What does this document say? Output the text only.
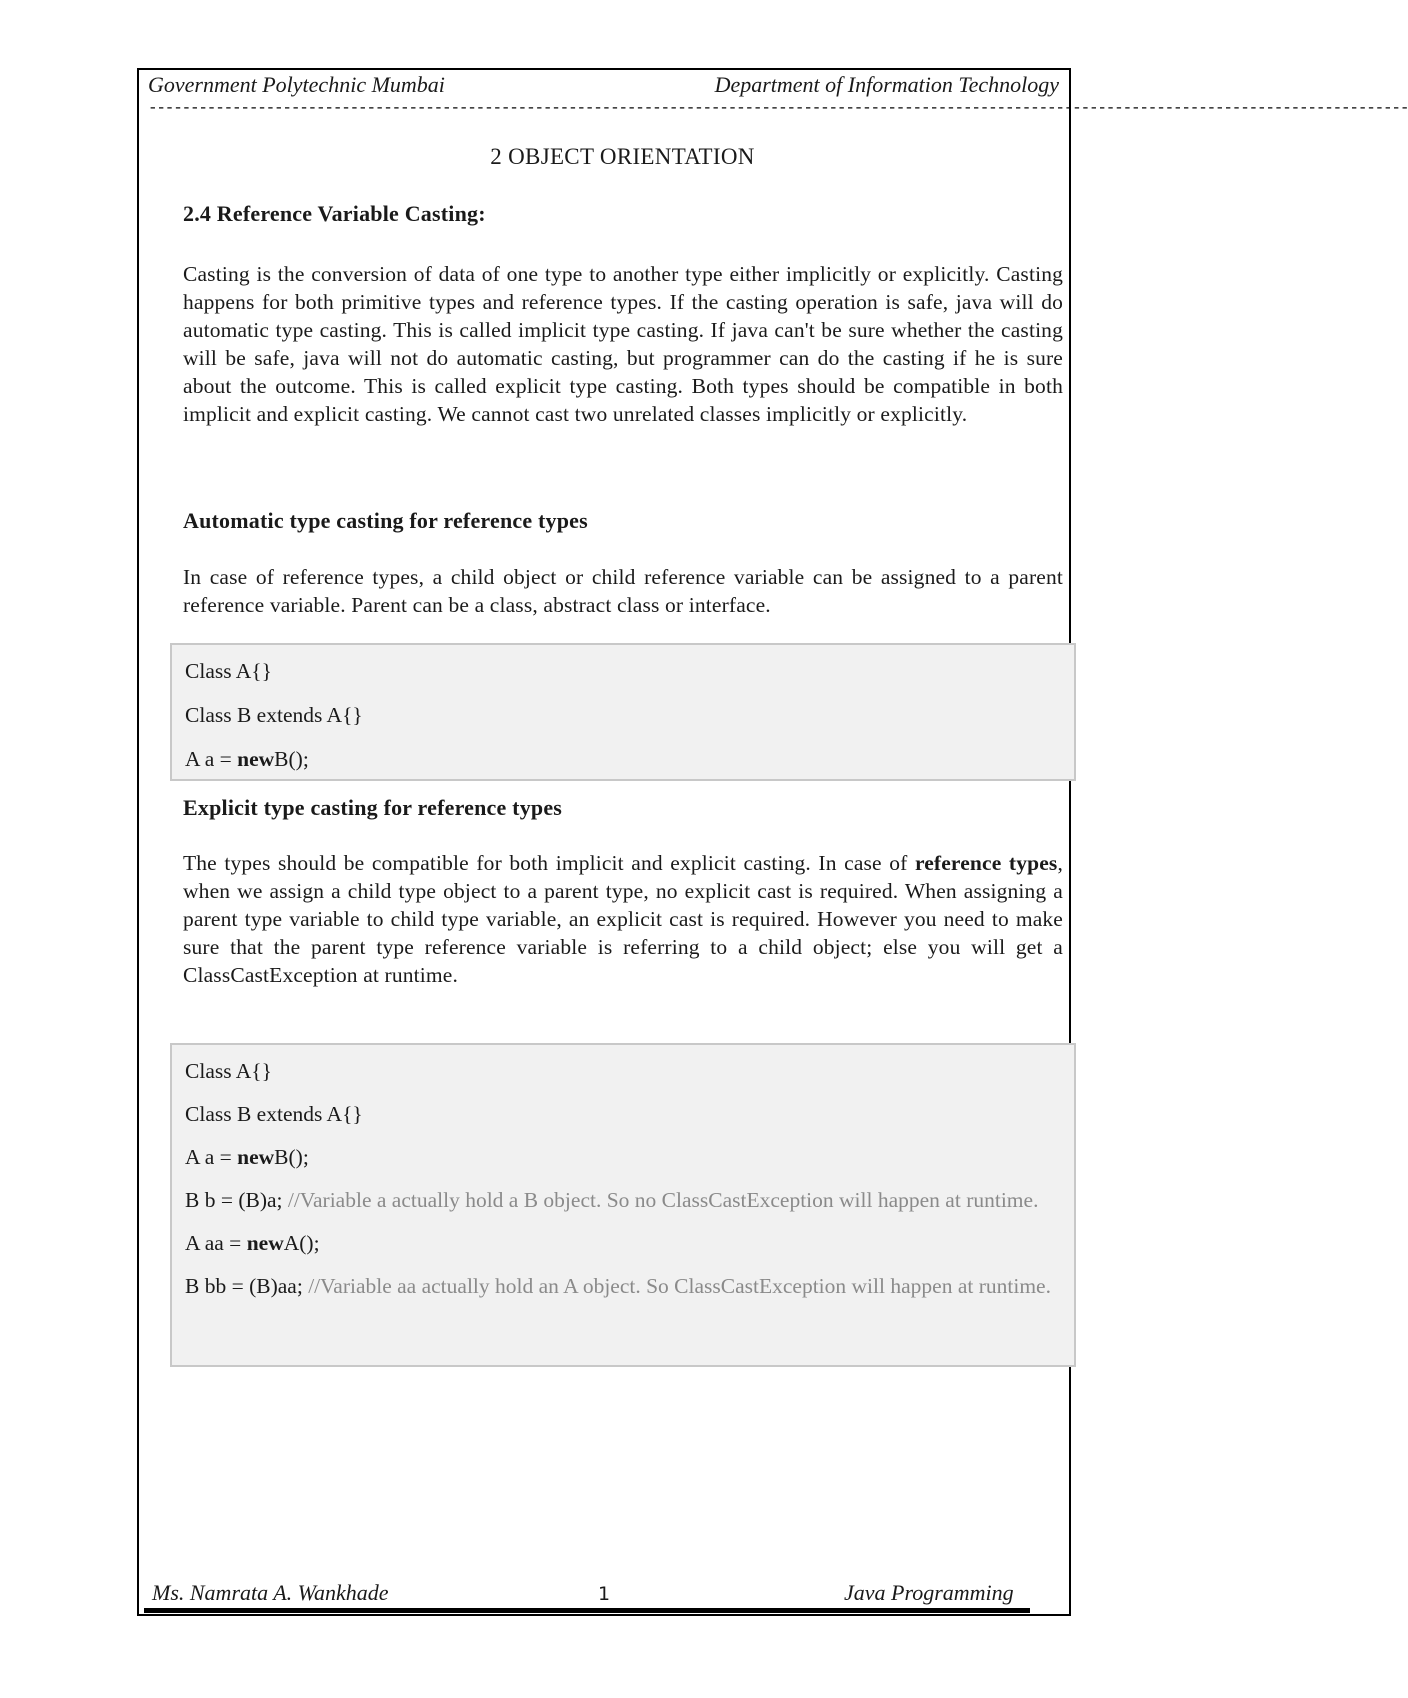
Government Polytechnic Mumbai	Department of Information Technology
------------------------------------------------------------------------------------------------------------------------------------------------------
2 OBJECT ORIENTATION

2.4 Reference Variable Casting:

Casting is the conversion of data of one type to another type either implicitly or explicitly. Casting happens for both primitive types and reference types. If the casting operation is safe, java will do automatic type casting. This is called implicit type casting. If java can't be sure whether the casting will be safe, java will not do automatic casting, but programmer can do the casting if he is sure about the outcome. This is called explicit type casting. Both types should be compatible in both implicit and explicit casting. We cannot cast two unrelated classes implicitly or explicitly.

Automatic type casting for reference types

In case of reference types, a child object or child reference variable can be assigned to a parent reference variable. Parent can be a class, abstract class or interface.

Class A{}

Class B extends A{}

A a = newB();

Explicit type casting for reference types

The types should be compatible for both implicit and explicit casting. In case of reference types, when we assign a child type object to a parent type, no explicit cast is required. When assigning a parent type variable to child type variable, an explicit cast is required. However you need to make sure that the parent type reference variable is referring to a child object; else you will get a ClassCastException at runtime.

Class A{}

Class B extends A{}

A a = newB();

B b = (B)a; //Variable a actually hold a B object. So no ClassCastException will happen at runtime.

A aa = newA();

B bb = (B)aa; //Variable aa actually hold an A object. So ClassCastException will happen at runtime.

Ms. Namrata A. Wankhade	1	Java Programming
